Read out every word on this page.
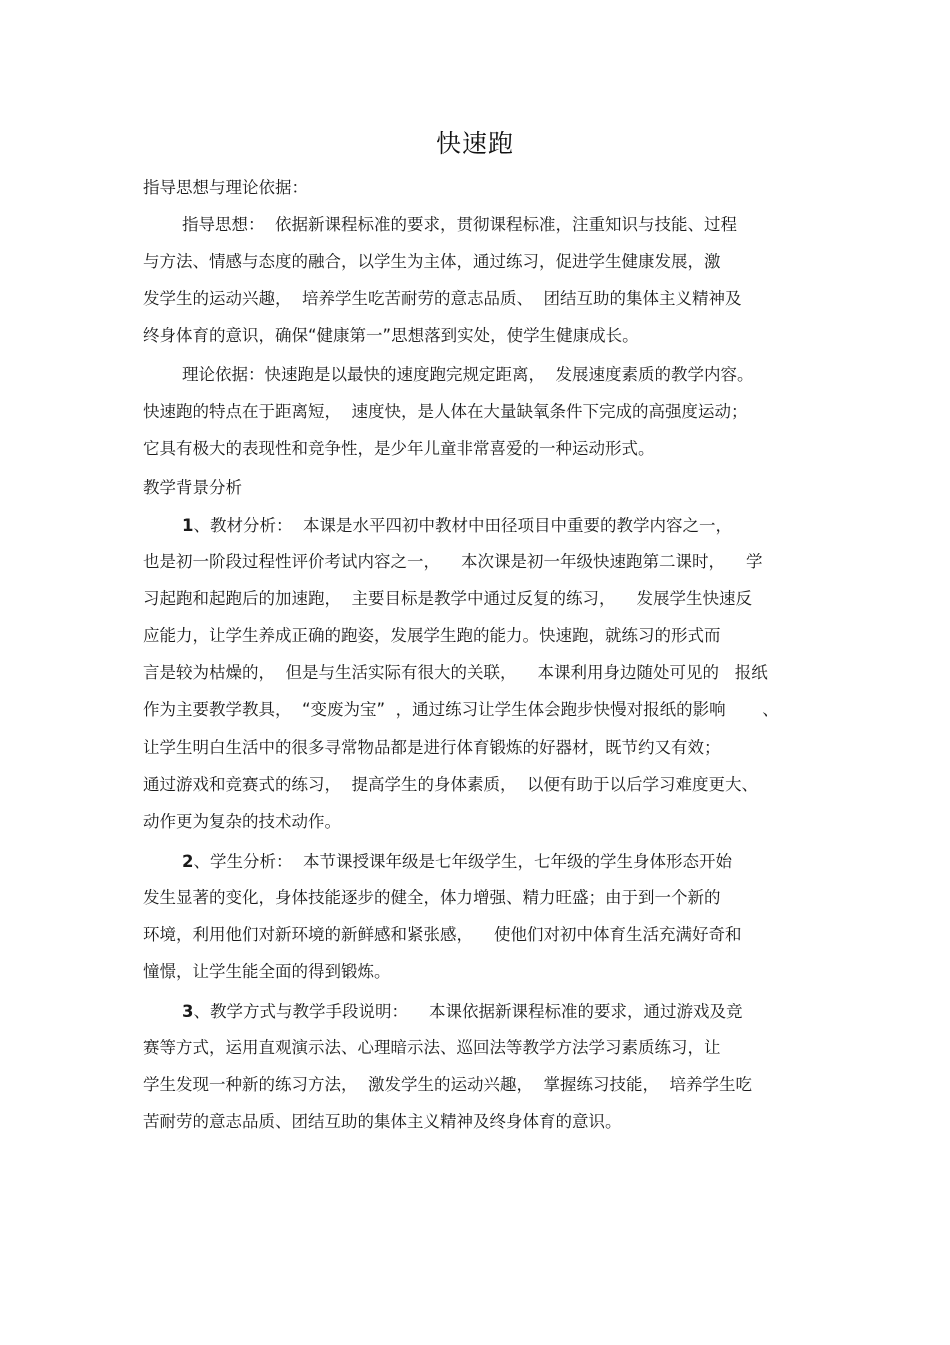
快速跑
指导思想与理论依据：
指导思想：  依据新课程标准的要求，贯彻课程标准，注重知识与技能、过程
与方法、情感与态度的融合，以学生为主体，通过练习，促进学生健康发展，激
发学生的运动兴趣，  培养学生吃苦耐劳的意志品质、  团结互助的集体主义精神及
终身体育的意识，确保“健康第一”思想落到实处，使学生健康成长。
理论依据：快速跑是以最快的速度跑完规定距离，  发展速度素质的教学内容。
快速跑的特点在于距离短，  速度快，是人体在大量缺氧条件下完成的高强度运动；
它具有极大的表现性和竞争性，是少年儿童非常喜爱的一种运动形式。
教学背景分析
1、教材分析：  本课是水平四初中教材中田径项目中重要的教学内容之一，
也是初一阶段过程性评价考试内容之一，    本次课是初一年级快速跑第二课时，    学
习起跑和起跑后的加速跑，  主要目标是教学中通过反复的练习，    发展学生快速反
应能力，让学生养成正确的跑姿，发展学生跑的能力。快速跑，就练习的形式而
言是较为枯燥的，  但是与生活实际有很大的关联，    本课利用身边随处可见的   报纸
作为主要教学教具，  “变废为宝”  ，通过练习让学生体会跑步快慢对报纸的影响       、
让学生明白生活中的很多寻常物品都是进行体育锻炼的好器材，既节约又有效；
通过游戏和竞赛式的练习，  提高学生的身体素质，  以便有助于以后学习难度更大、
动作更为复杂的技术动作。
2、学生分析：  本节课授课年级是七年级学生，七年级的学生身体形态开始
发生显著的变化，身体技能逐步的健全，体力增强、精力旺盛；由于到一个新的
环境，利用他们对新环境的新鲜感和紧张感，    使他们对初中体育生活充满好奇和
憧憬，让学生能全面的得到锻炼。
3、教学方式与教学手段说明：    本课依据新课程标准的要求，通过游戏及竞
赛等方式，运用直观演示法、心理暗示法、巡回法等教学方法学习素质练习，让
学生发现一种新的练习方法，  激发学生的运动兴趣，  掌握练习技能，  培养学生吃
苦耐劳的意志品质、团结互助的集体主义精神及终身体育的意识。
